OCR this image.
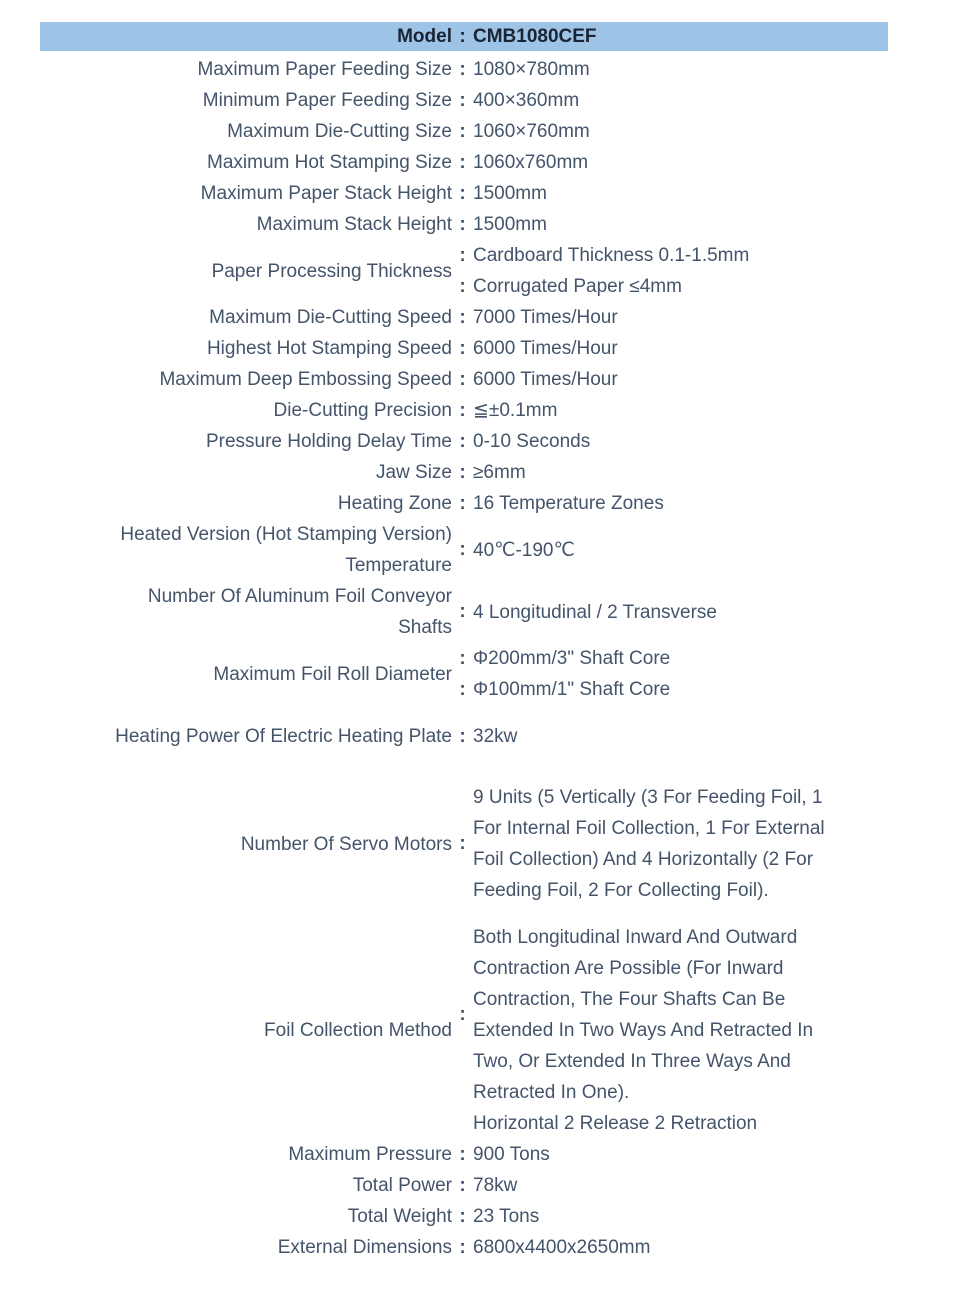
Model : CMB1080CEF
Maximum Paper Feeding Size : 1080×780mm
Minimum Paper Feeding Size : 400×360mm
Maximum Die-Cutting Size : 1060×760mm
Maximum Hot Stamping Size : 1060x760mm
Maximum Paper Stack Height : 1500mm
Maximum Stack Height : 1500mm
Paper Processing Thickness
: Cardboard Thickness 0.1-1.5mm
: Corrugated Paper ≤4mm
Maximum Die-Cutting Speed : 7000 Times/Hour
Highest Hot Stamping Speed : 6000 Times/Hour
Maximum Deep Embossing Speed : 6000 Times/Hour
Die-Cutting Precision : ≦±0.1mm
Pressure Holding Delay Time : 0-10 Seconds
Jaw Size : ≥6mm
Heating Zone : 16 Temperature Zones
Heated Version (Hot Stamping Version)
Temperature
: 40℃-190℃
Number Of Aluminum Foil Conveyor
Shafts
: 4 Longitudinal / 2 Transverse
Maximum Foil Roll Diameter
: Φ200mm/3" Shaft Core
: Φ100mm/1" Shaft Core
Heating Power Of Electric Heating Plate : 32kw
Number Of Servo Motors :
9 Units (5 Vertically (3 For Feeding Foil, 1
For Internal Foil Collection, 1 For External
Foil Collection) And 4 Horizontally (2 For
Feeding Foil, 2 For Collecting Foil).
Foil Collection Method
:
Both Longitudinal Inward And Outward
Contraction Are Possible (For Inward
Contraction, The Four Shafts Can Be
Extended In Two Ways And Retracted In
Two, Or Extended In Three Ways And
Retracted In One).
Horizontal 2 Release 2 Retraction
Maximum Pressure : 900 Tons
Total Power : 78kw
Total Weight : 23 Tons
External Dimensions : 6800x4400x2650mm
